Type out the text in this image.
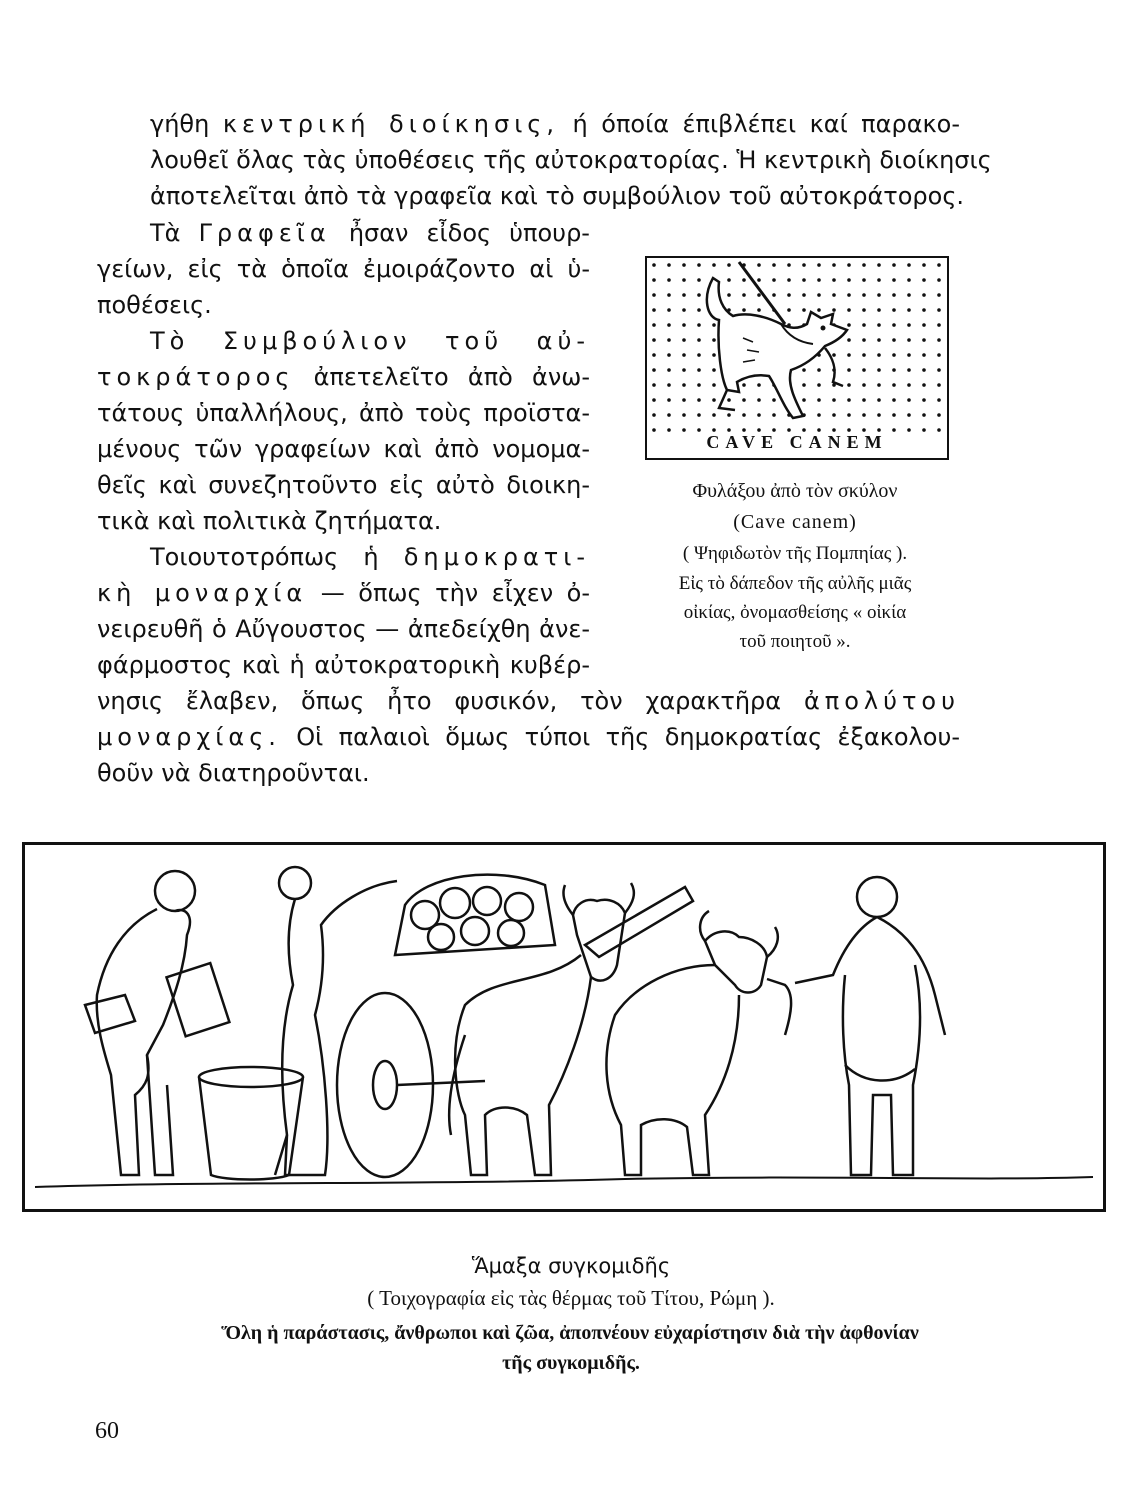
γήθη κεντρική διοίκησις, ή όποία έπιβλέπει καί παρακο-
λουθεῖ ὅλας τὰς ὑποθέσεις τῆς αὐτοκρατορίας. Ἡ κεντρικὴ διοίκησις
ἀποτελεῖται ἀπὸ τὰ γραφεῖα καὶ τὸ συμβούλιον τοῦ αὐτοκράτορος.
Τὰ Γραφεῖα ἦσαν εἶδος ὑπουρ-
γείων, εἰς τὰ ὁποῖα ἐμοιράζοντο αἱ ὑ-
ποθέσεις.
Τὸ Συμβούλιον τοῦ αὐ-
τοκράτορος ἀπετελεῖτο ἀπὸ ἀνω-
τάτους ὑπαλλήλους, ἀπὸ τοὺς προϊστα-
μένους τῶν γραφείων καὶ ἀπὸ νομομα-
θεῖς καὶ συνεζητοῦντο εἰς αὐτὸ διοικη-
τικὰ καὶ πολιτικὰ ζητήματα.
Τοιουτοτρόπως ἡ δημοκρατι-
κὴ μοναρχία — ὅπως τὴν εἶχεν ὀ-
νειρευθῆ ὁ Αὔγουστος — ἀπεδείχθη ἀνε-
φάρμοστος καὶ ἡ αὐτοκρατορικὴ κυβέρ-
νησις ἔλαβεν, ὅπως ἦτο φυσικόν, τὸν χαρακτῆρα ἀπολύτου
μοναρχίας. Οἱ παλαιοὶ ὅμως τύποι τῆς δημοκρατίας ἐξακολου-
θοῦν νὰ διατηροῦνται.
CAVE CANEM
Φυλάξου ἀπὸ τὸν σκύλον
(Cave canem)
( Ψηφιδωτὸν τῆς Πομπηίας ).
Εἰς τὸ δάπεδον τῆς αὐλῆς μιᾶς
οἰκίας, ὀνομασθείσης « οἰκία
τοῦ ποιητοῦ ».
Ἅμαξα συγκομιδῆς
( Τοιχογραφία εἰς τὰς θέρμας τοῦ Τίτου, Ρώμη ).
Ὅλη ἡ παράστασις, ἄνθρωποι καὶ ζῶα, ἀποπνέουν εὐχαρίστησιν διὰ τὴν ἀφθονίαν
τῆς συγκομιδῆς.
60
